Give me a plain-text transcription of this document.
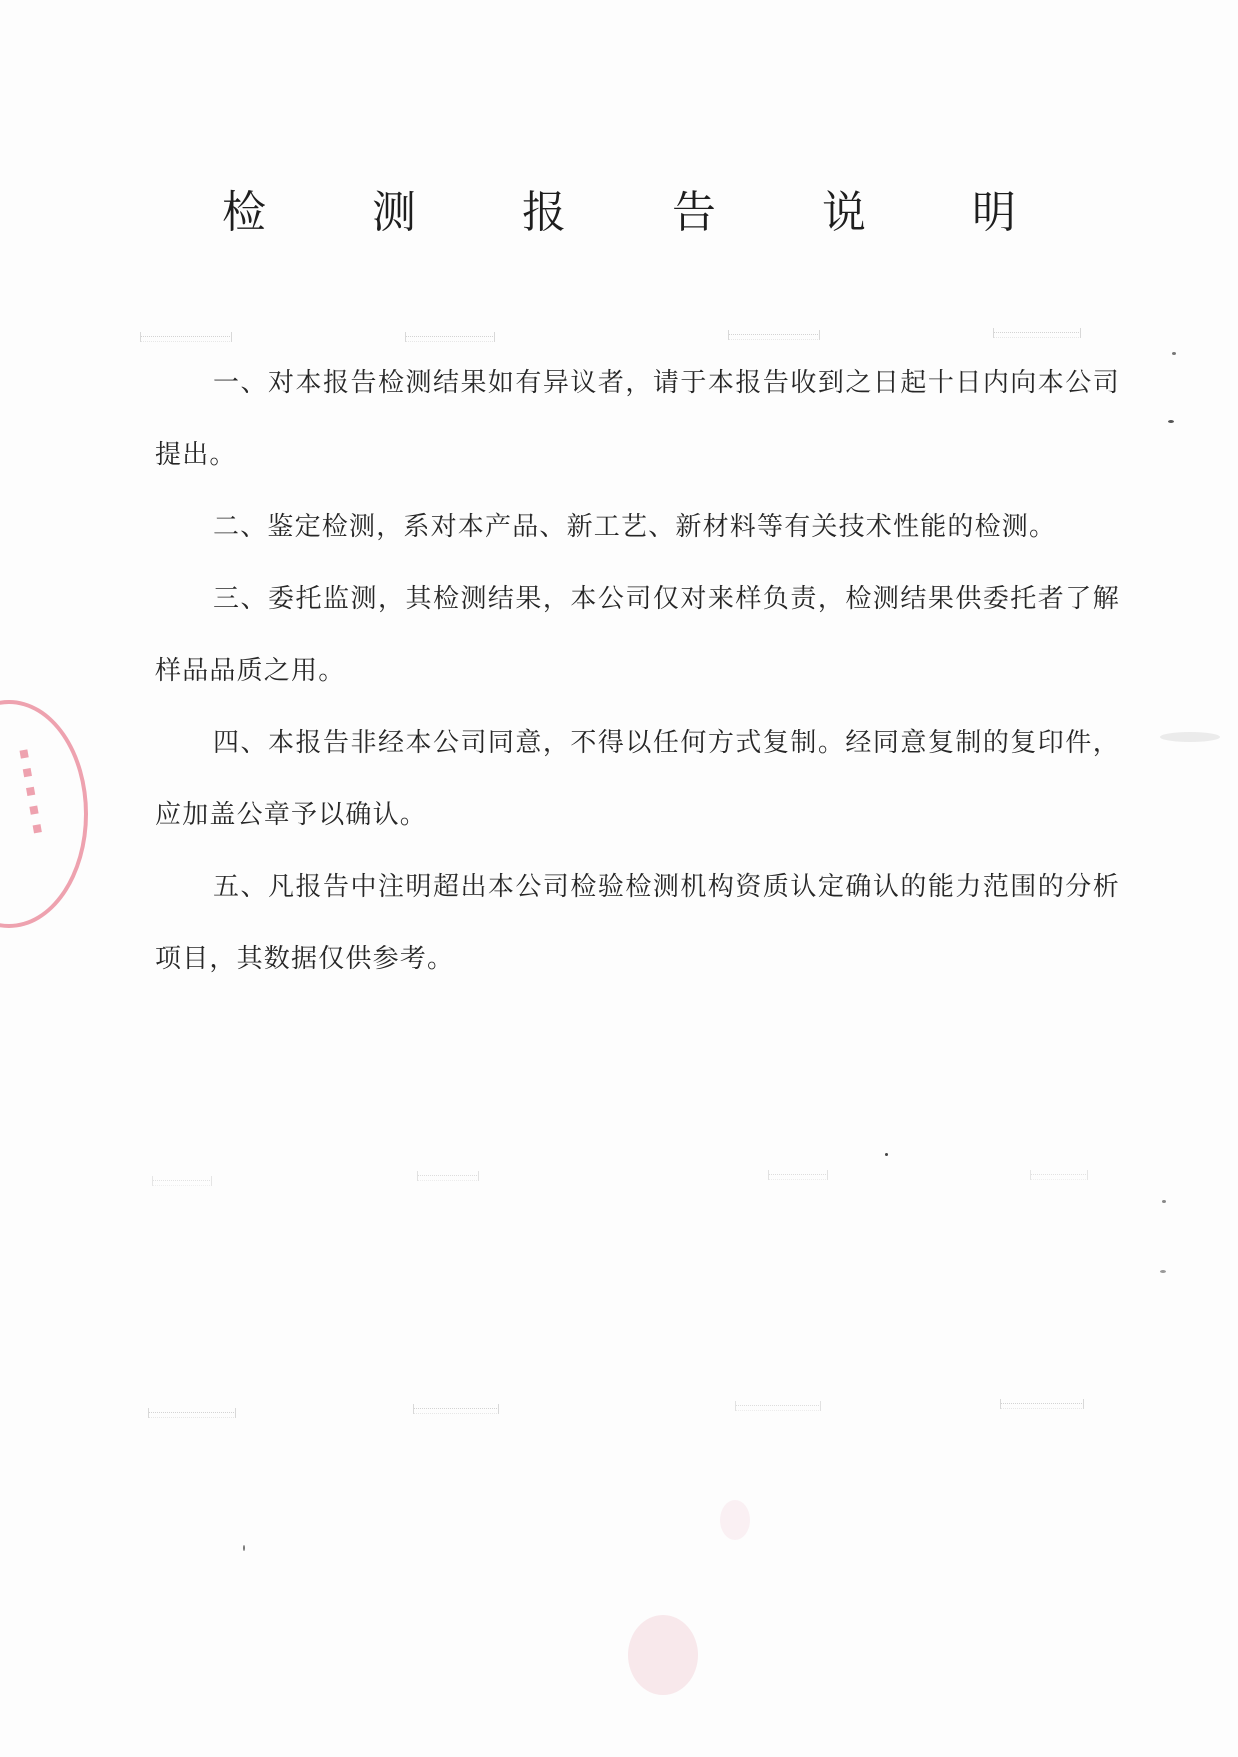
检 测 报 告 说 明

一、对本报告检测结果如有异议者，请于本报告收到之日起十日内向本公司提出。

二、鉴定检测，系对本产品、新工艺、新材料等有关技术性能的检测。

三、委托监测，其检测结果，本公司仅对来样负责，检测结果供委托者了解样品品质之用。

四、本报告非经本公司同意，不得以任何方式复制。经同意复制的复印件，应加盖公章予以确认。

五、凡报告中注明超出本公司检验检测机构资质认定确认的能力范围的分析项目，其数据仅供参考。

▪▪▪▪▪
